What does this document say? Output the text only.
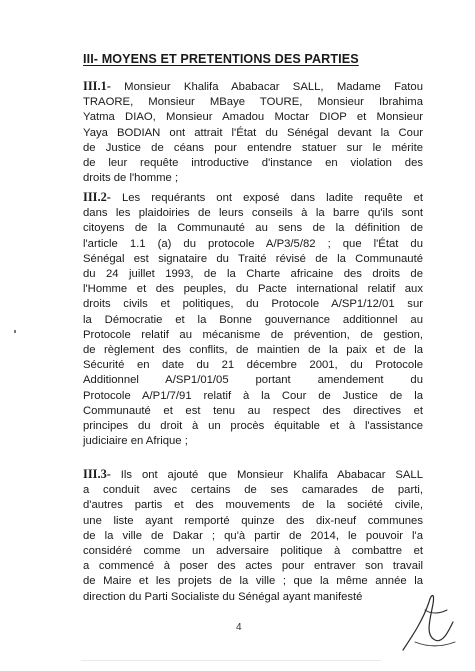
III- MOYENS ET PRETENTIONS DES PARTIES
III.1- Monsieur Khalifa Ababacar SALL, Madame Fatou
TRAORE, Monsieur MBaye TOURE, Monsieur Ibrahima
Yatma DIAO, Monsieur Amadou Moctar DIOP et Monsieur
Yaya BODIAN ont attrait l'État du Sénégal devant la Cour
de Justice de céans pour entendre statuer sur le mérite
de leur requête introductive d'instance en violation des
droits de l'homme ;
III.2- Les requérants ont exposé dans ladite requête et
dans les plaidoiries de leurs conseils à la barre qu'ils sont
citoyens de la Communauté au sens de la définition de
l'article 1.1 (a) du protocole A/P3/5/82 ; que l'État du
Sénégal est signataire du Traité révisé de la Communauté
du 24 juillet 1993, de la Charte africaine des droits de
l'Homme et des peuples, du Pacte international relatif aux
droits civils et politiques, du Protocole A/SP1/12/01 sur
la Démocratie et la Bonne gouvernance additionnel au
Protocole relatif au mécanisme de prévention, de gestion,
de règlement des conflits, de maintien de la paix et de la
Sécurité en date du 21 décembre 2001, du Protocole
Additionnel A/SP1/01/05 portant amendement du
Protocole A/P1/7/91 relatif à la Cour de Justice de la
Communauté et est tenu au respect des directives et
principes du droit à un procès équitable et à l'assistance
judiciaire en Afrique ;
III.3- Ils ont ajouté que Monsieur Khalifa Ababacar SALL
a conduit avec certains de ses camarades de parti,
d'autres partis et des mouvements de la société civile,
une liste ayant remporté quinze des dix-neuf communes
de la ville de Dakar ; qu'à partir de 2014, le pouvoir l'a
considéré comme un adversaire politique à combattre et
a commencé à poser des actes pour entraver son travail
de Maire et les projets de la ville ; que la même année la
direction du Parti Socialiste du Sénégal ayant manifesté
4
